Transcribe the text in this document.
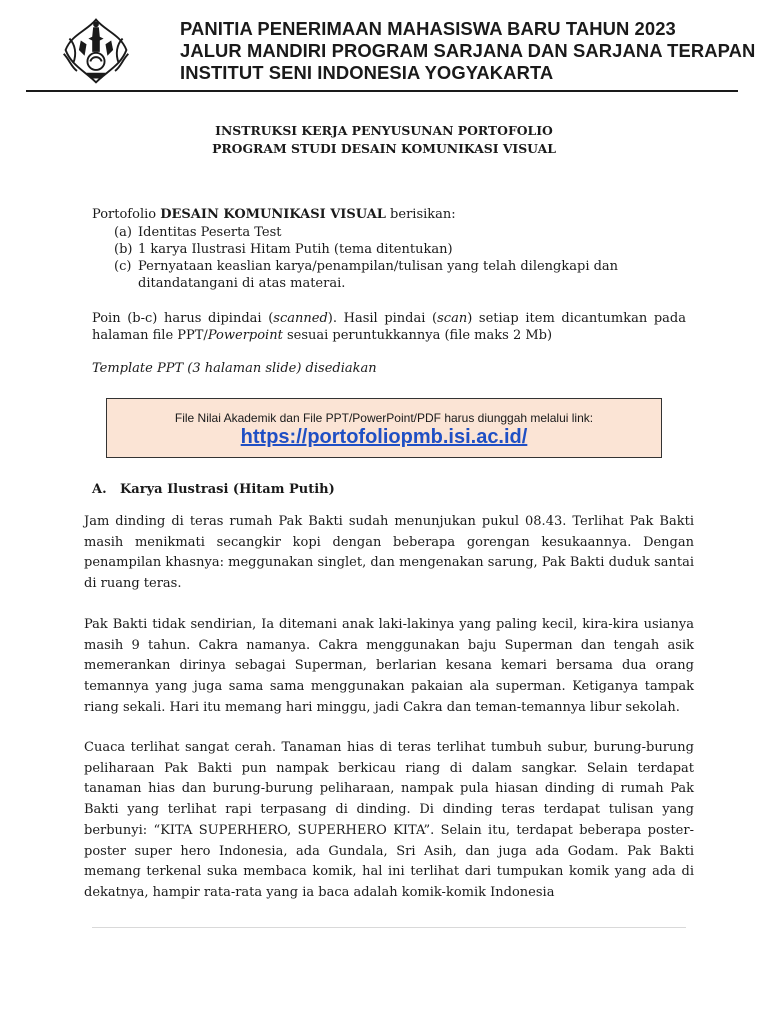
PANITIA PENERIMAAN MAHASISWA BARU TAHUN 2023
JALUR MANDIRI PROGRAM SARJANA DAN SARJANA TERAPAN
INSTITUT SENI INDONESIA YOGYAKARTA
INSTRUKSI KERJA PENYUSUNAN PORTOFOLIO
PROGRAM STUDI DESAIN KOMUNIKASI VISUAL
Portofolio DESAIN KOMUNIKASI VISUAL berisikan:
(a) Identitas Peserta Test
(b) 1 karya Ilustrasi Hitam Putih (tema ditentukan)
(c) Pernyataan keaslian karya/penampilan/tulisan yang telah dilengkapi dan ditandatangani di atas materai.
Poin (b-c) harus dipindai (scanned). Hasil pindai (scan) setiap item dicantumkan pada halaman file PPT/Powerpoint sesuai peruntukkannya (file maks 2 Mb)
Template PPT (3 halaman slide) disediakan
File Nilai Akademik dan File PPT/PowerPoint/PDF harus diunggah melalui link:
https://portofoliopmb.isi.ac.id/
A. Karya Ilustrasi (Hitam Putih)
Jam dinding di teras rumah Pak Bakti sudah menunjukan pukul 08.43. Terlihat Pak Bakti masih menikmati secangkir kopi dengan beberapa gorengan kesukaannya. Dengan penampilan khasnya: meggunakan singlet, dan mengenakan sarung, Pak Bakti duduk santai di ruang teras.
Pak Bakti tidak sendirian, Ia ditemani anak laki-lakinya yang paling kecil, kira-kira usianya masih 9 tahun. Cakra namanya. Cakra menggunakan baju Superman dan tengah asik memerankan dirinya sebagai Superman, berlarian kesana kemari bersama dua orang temannya yang juga sama sama menggunakan pakaian ala superman. Ketiganya tampak riang sekali. Hari itu memang hari minggu, jadi Cakra dan teman-temannya libur sekolah.
Cuaca terlihat sangat cerah. Tanaman hias di teras terlihat tumbuh subur, burung-burung peliharaan Pak Bakti pun nampak berkicau riang di dalam sangkar. Selain terdapat tanaman hias dan burung-burung peliharaan, nampak pula hiasan dinding di rumah Pak Bakti yang terlihat rapi terpasang di dinding. Di dinding teras terdapat tulisan yang berbunyi: “KITA SUPERHERO, SUPERHERO KITA”. Selain itu, terdapat beberapa poster-poster super hero Indonesia, ada Gundala, Sri Asih, dan juga ada Godam. Pak Bakti memang terkenal suka membaca komik, hal ini terlihat dari tumpukan komik yang ada di dekatnya, hampir rata-rata yang ia baca adalah komik-komik Indonesia
